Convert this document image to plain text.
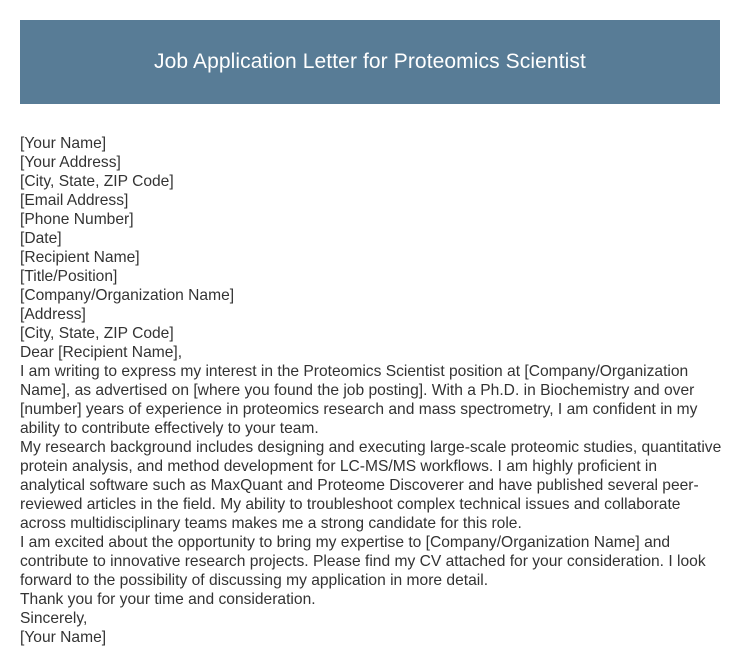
Job Application Letter for Proteomics Scientist

[Your Name]

[Your Address]

[City, State, ZIP Code]

[Email Address]

[Phone Number]

[Date]

[Recipient Name]

[Title/Position]

[Company/Organization Name]

[Address]

[City, State, ZIP Code]

Dear [Recipient Name],

I am writing to express my interest in the Proteomics Scientist position at [Company/Organization Name], as advertised on [where you found the job posting]. With a Ph.D. in Biochemistry and over [number] years of experience in proteomics research and mass spectrometry, I am confident in my ability to contribute effectively to your team.

My research background includes designing and executing large-scale proteomic studies, quantitative protein analysis, and method development for LC-MS/MS workflows. I am highly proficient in analytical software such as MaxQuant and Proteome Discoverer and have published several peer-reviewed articles in the field. My ability to troubleshoot complex technical issues and collaborate across multidisciplinary teams makes me a strong candidate for this role.

I am excited about the opportunity to bring my expertise to [Company/Organization Name] and contribute to innovative research projects. Please find my CV attached for your consideration. I look forward to the possibility of discussing my application in more detail.

Thank you for your time and consideration.

Sincerely,

[Your Name]
